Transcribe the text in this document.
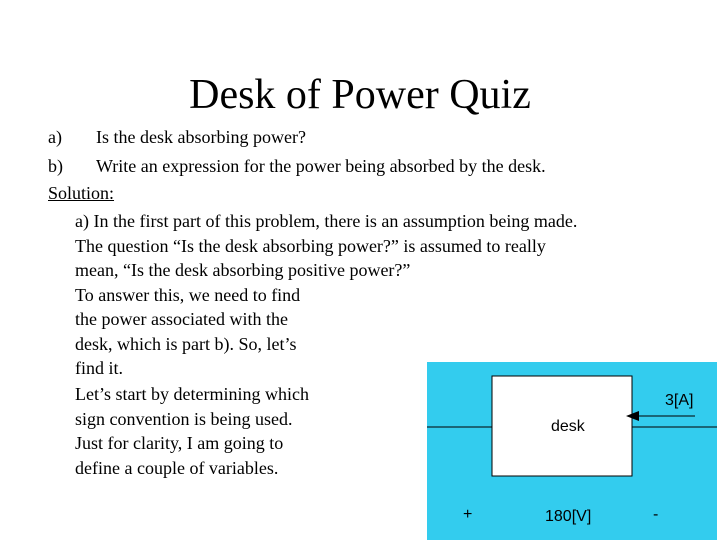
Desk of Power Quiz
a) Is the desk absorbing power?
b) Write an expression for the power being absorbed by the desk.
Solution:
a) In the first part of this problem, there is an assumption being made.
The question “Is the desk absorbing power?” is assumed to really
mean, “Is the desk absorbing positive power?”
To answer this, we need to find
the power associated with the
desk, which is part b). So, let’s
find it.
Let’s start by determining which
sign convention is being used.
Just for clarity, I am going to
define a couple of variables.
desk
3[A]
+	180[V]	-
